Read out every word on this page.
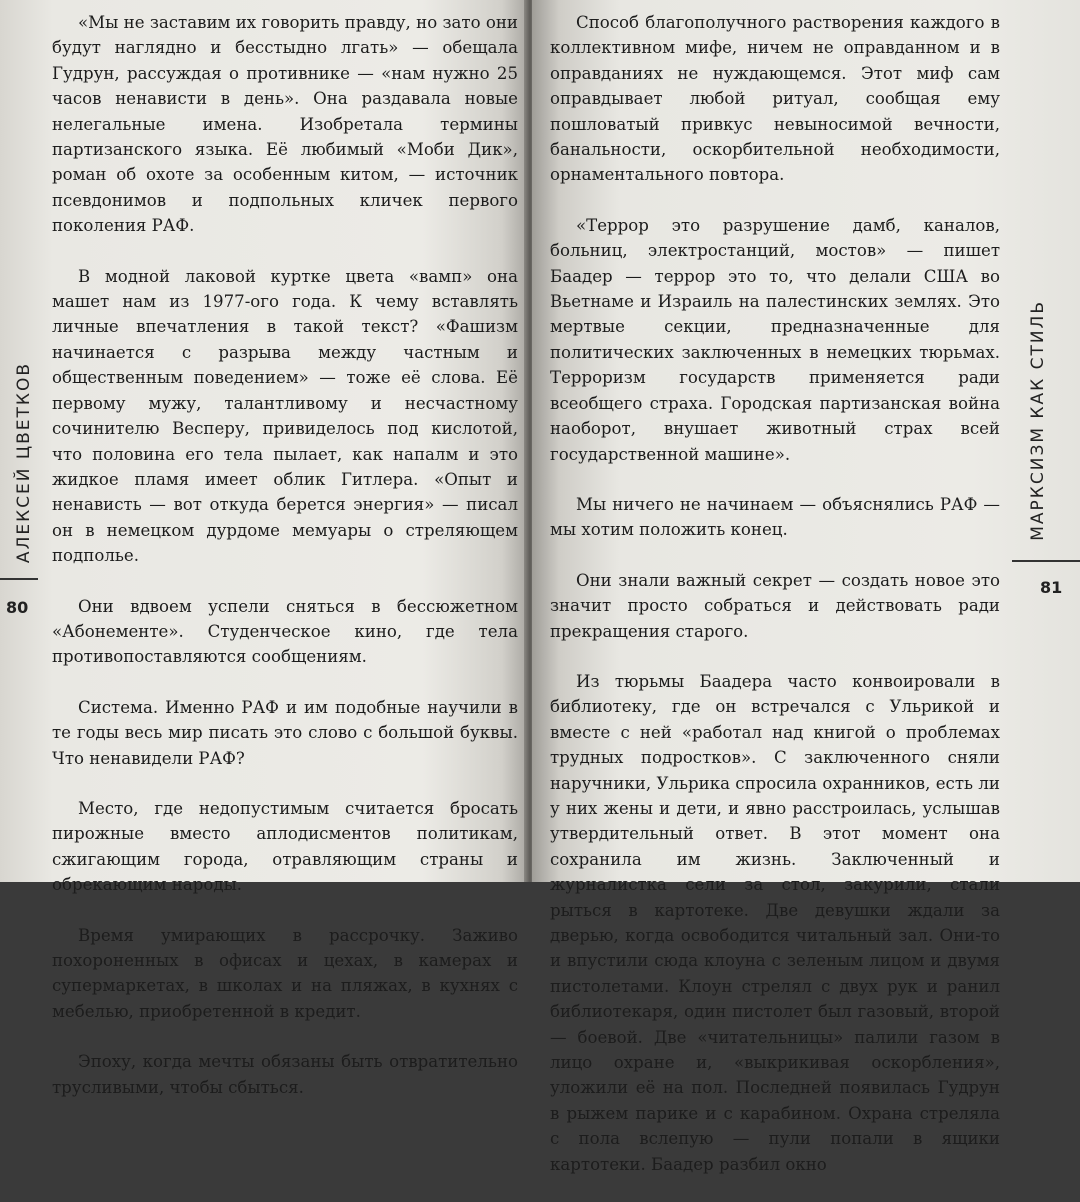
АЛЕКСЕЙ ЦВЕТКОВ
80

«Мы не заставим их говорить правду, но зато они будут наглядно и бесстыдно лгать» — обещала Гудрун, рассуждая о противнике — «нам нужно 25 часов ненависти в день». Она раздавала новые нелегальные имена. Изобретала термины партизанского языка. Её любимый «Моби Дик», роман об охоте за особенным китом, — источник псевдонимов и подпольных кличек первого поколения РАФ.

В модной лаковой куртке цвета «вамп» она машет нам из 1977-ого года. К чему вставлять личные впечатления в такой текст? «Фашизм начинается с разрыва между частным и общественным поведением» — тоже её слова. Её первому мужу, талантливому и несчастному сочинителю Весперу, привиделось под кислотой, что половина его тела пылает, как напалм и это жидкое пламя имеет облик Гитлера. «Опыт и ненависть — вот откуда берется энергия» — писал он в немецком дурдоме мемуары о стреляющем подполье.

Они вдвоем успели сняться в бессюжетном «Абонементе». Студенческое кино, где тела противопоставляются сообщениям.

Система. Именно РАФ и им подобные научили в те годы весь мир писать это слово с большой буквы. Что ненавидели РАФ?

Место, где недопустимым считается бросать пирожные вместо аплодисментов политикам, сжигающим города, отравляющим страны и обрекающим народы.

Время умирающих в рассрочку. Заживо похороненных в офисах и цехах, в камерах и супермаркетах, в школах и на пляжах, в кухнях с мебелью, приобретенной в кредит.

Эпоху, когда мечты обязаны быть отвратительно трусливыми, чтобы сбыться.

МАРКСИЗМ КАК СТИЛЬ
81

Способ благополучного растворения каждого в коллективном мифе, ничем не оправданном и в оправданиях не нуждающемся. Этот миф сам оправдывает любой ритуал, сообщая ему пошловатый привкус невыносимой вечности, банальности, оскорбительной необходимости, орнаментального повтора.

«Террор это разрушение дамб, каналов, больниц, электростанций, мостов» — пишет Баадер — террор это то, что делали США во Вьетнаме и Израиль на палестинских землях. Это мертвые секции, предназначенные для политических заключенных в немецких тюрьмах. Терроризм государств применяется ради всеобщего страха. Городская партизанская война наоборот, внушает животный страх всей государственной машине».

Мы ничего не начинаем — объяснялись РАФ — мы хотим положить конец.

Они знали важный секрет — создать новое это значит просто собраться и действовать ради прекращения старого.

Из тюрьмы Баадера часто конвоировали в библиотеку, где он встречался с Ульрикой и вместе с ней «работал над книгой о проблемах трудных подростков». С заключенного сняли наручники, Ульрика спросила охранников, есть ли у них жены и дети, и явно расстроилась, услышав утвердительный ответ. В этот момент она сохранила им жизнь. Заключенный и журналистка сели за стол, закурили, стали рыться в картотеке. Две девушки ждали за дверью, когда освободится читальный зал. Они-то и впустили сюда клоуна с зеленым лицом и двумя пистолетами. Клоун стрелял с двух рук и ранил библиотекаря, один пистолет был газовый, второй — боевой. Две «читательницы» палили газом в лицо охране и, «выкрикивая оскорбления», уложили её на пол. Последней появилась Гудрун в рыжем парике и с карабином. Охрана стреляла с пола вслепую — пули попали в ящики картотеки. Баадер разбил окно
